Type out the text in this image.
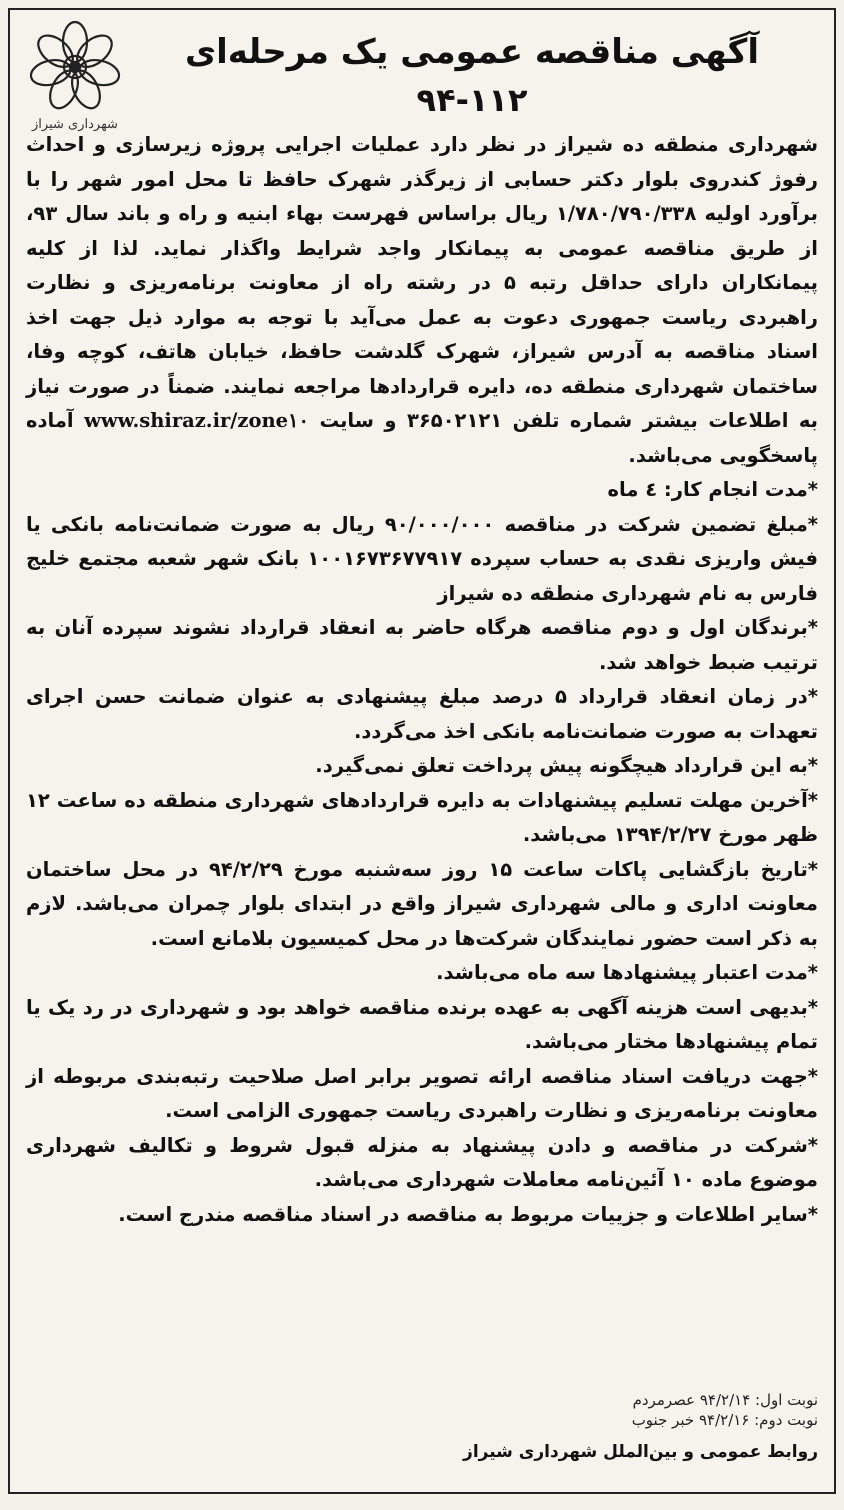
شهرداری شیراز
آگهی مناقصه عمومی یک مرحله‌ای
۹۴-۱۱۲

شهرداری منطقه ده شیراز در نظر دارد عملیات اجرایی پروژه زیرسازی و احداث رفوژ کندروی بلوار دکتر حسابی از زیرگذر شهرک حافظ تا محل امور شهر را با برآورد اولیه ۱/۷۸۰/۷۹۰/۳۳۸ ریال براساس فهرست بهاء ابنیه و راه و باند سال ۹۳، از طریق مناقصه عمومی به پیمانکار واجد شرایط واگذار نماید. لذا از کلیه پیمانکاران دارای حداقل رتبه ۵ در رشته راه از معاونت برنامه‌ریزی و نظارت راهبردی ریاست جمهوری دعوت به عمل می‌آید با توجه به موارد ذیل جهت اخذ اسناد مناقصه به آدرس شیراز، شهرک گلدشت حافظ، خیابان هاتف، کوچه وفا، ساختمان شهرداری منطقه ده، دایره قراردادها مراجعه نمایند. ضمناً در صورت نیاز به اطلاعات بیشتر شماره تلفن ۳۶۵۰۲۱۲۱ و سایت www.shiraz.ir/zone۱۰ آماده پاسخگویی می‌باشد.

*مدت انجام کار: ٤ ماه

*مبلغ تضمین شرکت در مناقصه ۹۰/۰۰۰/۰۰۰ ریال به صورت ضمانت‌نامه بانکی یا فیش واریزی نقدی به حساب سپرده ۱۰۰۱۶۷۳۶۷۷۹۱۷ بانک شهر شعبه مجتمع خلیج فارس به نام شهرداری منطقه ده شیراز

*برندگان اول و دوم مناقصه هرگاه حاضر به انعقاد قرارداد نشوند سپرده آنان به ترتیب ضبط خواهد شد.

*در زمان انعقاد قرارداد ۵ درصد مبلغ پیشنهادی به عنوان ضمانت حسن اجرای تعهدات به صورت ضمانت‌نامه بانکی اخذ می‌گردد.

*به این قرارداد هیچگونه پیش پرداخت تعلق نمی‌گیرد.

*آخرین مهلت تسلیم پیشنهادات به دایره قراردادهای شهرداری منطقه ده ساعت ۱۲ ظهر مورخ ۱۳۹۴/۲/۲۷ می‌باشد.

*تاریخ بازگشایی پاکات ساعت ۱۵ روز سه‌شنبه مورخ ۹۴/۲/۲۹ در محل ساختمان معاونت اداری و مالی شهرداری شیراز واقع در ابتدای بلوار چمران می‌باشد. لازم به ذکر است حضور نمایندگان شرکت‌ها در محل کمیسیون بلامانع است.

*مدت اعتبار پیشنهادها سه ماه می‌باشد.

*بدیهی است هزینه آگهی به عهده برنده مناقصه خواهد بود و شهرداری در رد یک یا تمام پیشنهادها مختار می‌باشد.

*جهت دریافت اسناد مناقصه ارائه تصویر برابر اصل صلاحیت رتبه‌بندی مربوطه از معاونت برنامه‌ریزی و نظارت راهبردی ریاست جمهوری الزامی است.

*شرکت در مناقصه و دادن پیشنهاد به منزله قبول شروط و تکالیف شهرداری موضوع ماده ۱۰ آئین‌نامه معاملات شهرداری می‌باشد.

*سایر اطلاعات و جزییات مربوط به مناقصه در اسناد مناقصه مندرج است.

نوبت اول: ۹۴/۲/۱۴ عصرمردم
نوبت دوم: ۹۴/۲/۱۶ خبر جنوب
روابط عمومی و بین‌الملل شهرداری شیراز
